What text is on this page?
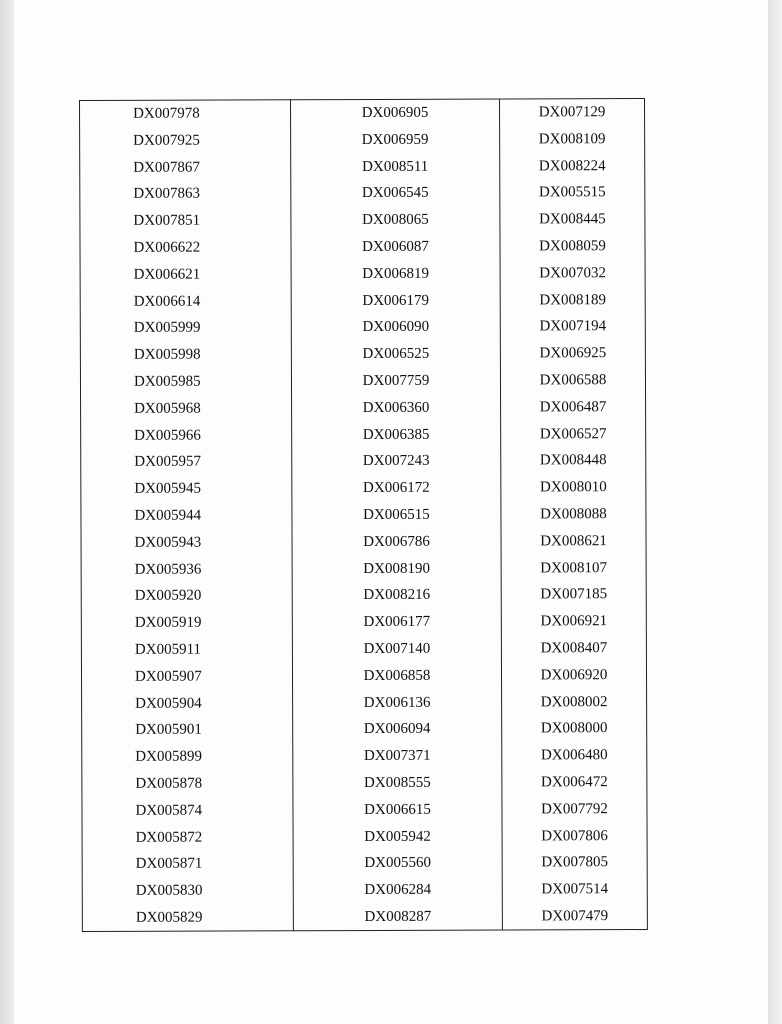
DX007978
DX007925
DX007867
DX007863
DX007851
DX006622
DX006621
DX006614
DX005999
DX005998
DX005985
DX005968
DX005966
DX005957
DX005945
DX005944
DX005943
DX005936
DX005920
DX005919
DX005911
DX005907
DX005904
DX005901
DX005899
DX005878
DX005874
DX005872
DX005871
DX005830
DX005829
DX006905
DX006959
DX008511
DX006545
DX008065
DX006087
DX006819
DX006179
DX006090
DX006525
DX007759
DX006360
DX006385
DX007243
DX006172
DX006515
DX006786
DX008190
DX008216
DX006177
DX007140
DX006858
DX006136
DX006094
DX007371
DX008555
DX006615
DX005942
DX005560
DX006284
DX008287
DX007129
DX008109
DX008224
DX005515
DX008445
DX008059
DX007032
DX008189
DX007194
DX006925
DX006588
DX006487
DX006527
DX008448
DX008010
DX008088
DX008621
DX008107
DX007185
DX006921
DX008407
DX006920
DX008002
DX008000
DX006480
DX006472
DX007792
DX007806
DX007805
DX007514
DX007479
